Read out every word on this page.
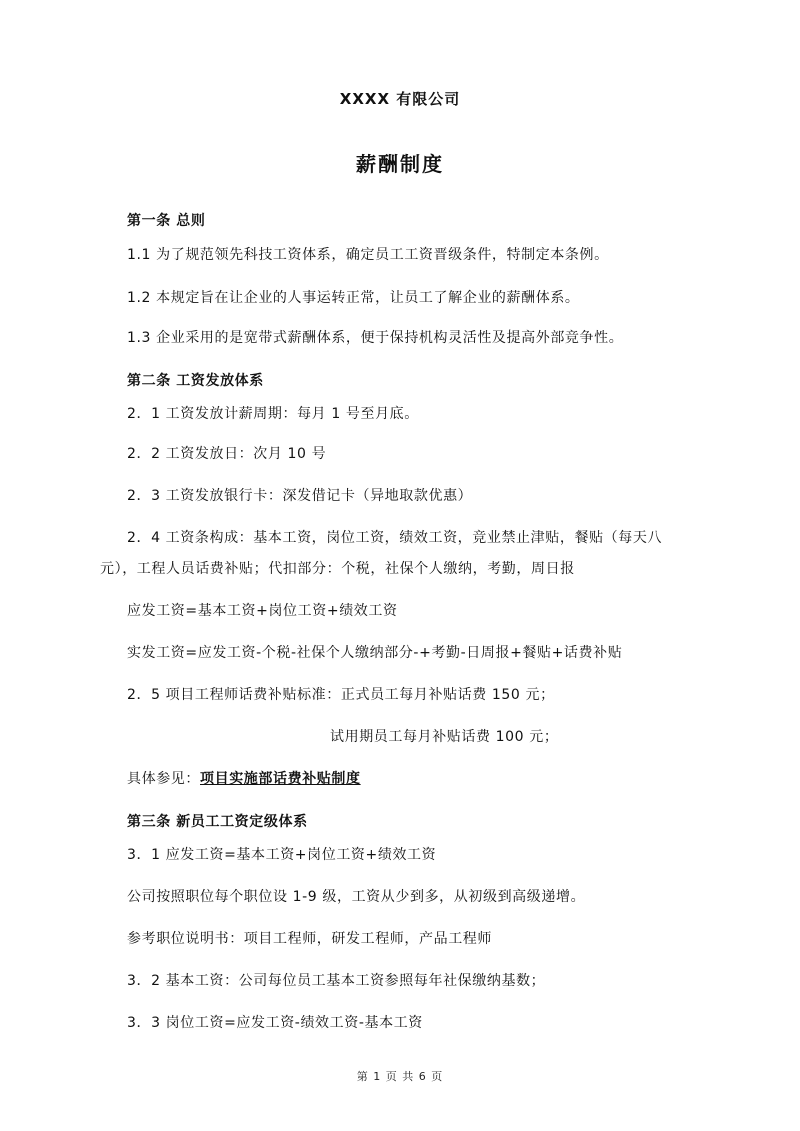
XXXX 有限公司
薪酬制度
第一条 总则
1.1 为了规范领先科技工资体系，确定员工工资晋级条件，特制定本条例。
1.2 本规定旨在让企业的人事运转正常，让员工了解企业的薪酬体系。
1.3 企业采用的是宽带式薪酬体系，便于保持机构灵活性及提高外部竞争性。
第二条 工资发放体系
2．1 工资发放计薪周期：每月 1 号至月底。
2．2 工资发放日：次月 10 号
2．3 工资发放银行卡：深发借记卡（异地取款优惠）
2．4 工资条构成：基本工资，岗位工资，绩效工资，竞业禁止津贴，餐贴（每天八
元），工程人员话费补贴；代扣部分：个税，社保个人缴纳，考勤，周日报
应发工资=基本工资+岗位工资+绩效工资
实发工资=应发工资-个税-社保个人缴纳部分-+考勤-日周报+餐贴+话费补贴
2．5 项目工程师话费补贴标准：正式员工每月补贴话费 150 元；
试用期员工每月补贴话费 100 元；
具体参见：项目实施部话费补贴制度
第三条 新员工工资定级体系
3．1 应发工资=基本工资+岗位工资+绩效工资
公司按照职位每个职位设 1-9 级，工资从少到多，从初级到高级递增。
参考职位说明书：项目工程师，研发工程师，产品工程师
3．2 基本工资：公司每位员工基本工资参照每年社保缴纳基数；
3．3 岗位工资=应发工资-绩效工资-基本工资
第 1 页 共 6 页
